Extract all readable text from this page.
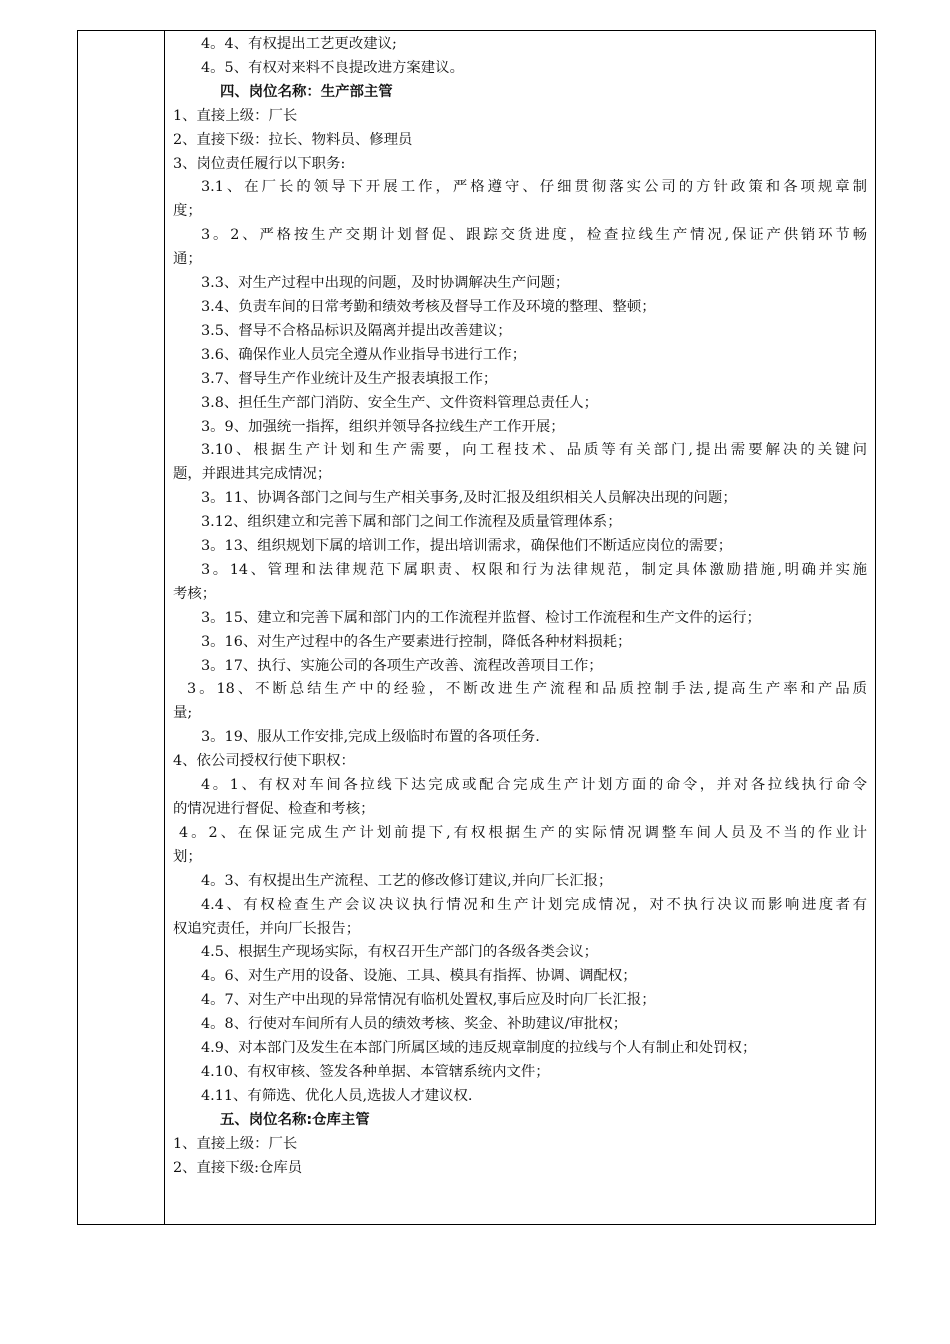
4。4、有权提出工艺更改建议;
4。5、有权对来料不良提改进方案建议。
四、岗位名称：生产部主管
1、直接上级：厂长
2、直接下级：拉长、物料员、修理员
3、岗位责任履行以下职务:
3.1、在厂长的领导下开展工作，严格遵守、仔细贯彻落实公司的方针政策和各项规章制
度；
3。2、严格按生产交期计划督促、跟踪交货进度，检查拉线生产情况,保证产供销环节畅
通；
3.3、对生产过程中出现的问题，及时协调解决生产问题；
3.4、负责车间的日常考勤和绩效考核及督导工作及环境的整理、整顿；
3.5、督导不合格品标识及隔离并提出改善建议；
3.6、确保作业人员完全遵从作业指导书进行工作；
3.7、督导生产作业统计及生产报表填报工作；
3.8、担任生产部门消防、安全生产、文件资料管理总责任人；
3。9、加强统一指挥，组织并领导各拉线生产工作开展；
3.10、根据生产计划和生产需要，向工程技术、品质等有关部门,提出需要解决的关键问
题，并跟进其完成情况；
3。11、协调各部门之间与生产相关事务,及时汇报及组织相关人员解决出现的问题；
3.12、组织建立和完善下属和部门之间工作流程及质量管理体系；
3。13、组织规划下属的培训工作，提出培训需求，确保他们不断适应岗位的需要；
3。14、管理和法律规范下属职责、权限和行为法律规范，制定具体激励措施,明确并实施
考核；
3。15、建立和完善下属和部门内的工作流程并监督、检讨工作流程和生产文件的运行；
3。16、对生产过程中的各生产要素进行控制，降低各种材料损耗；
3。17、执行、实施公司的各项生产改善、流程改善项目工作；
3。18、不断总结生产中的经验，不断改进生产流程和品质控制手法,提高生产率和产品质
量;
3。19、服从工作安排,完成上级临时布置的各项任务.
4、依公司授权行使下职权：
4。1、有权对车间各拉线下达完成或配合完成生产计划方面的命令，并对各拉线执行命令
的情况进行督促、检查和考核；
4。2、在保证完成生产计划前提下,有权根据生产的实际情况调整车间人员及不当的作业计
划；
4。3、有权提出生产流程、工艺的修改修订建议,并向厂长汇报；
4.4、有权检查生产会议决议执行情况和生产计划完成情况，对不执行决议而影响进度者有
权追究责任，并向厂长报告；
4.5、根据生产现场实际，有权召开生产部门的各级各类会议；
4。6、对生产用的设备、设施、工具、模具有指挥、协调、调配权；
4。7、对生产中出现的异常情况有临机处置权,事后应及时向厂长汇报；
4。8、行使对车间所有人员的绩效考核、奖金、补助建议/审批权；
4.9、对本部门及发生在本部门所属区域的违反规章制度的拉线与个人有制止和处罚权；
4.10、有权审核、签发各种单据、本管辖系统内文件；
4.11、有筛选、优化人员,选拔人才建议权.
五、岗位名称:仓库主管
1、直接上级：厂长
2、直接下级:仓库员
